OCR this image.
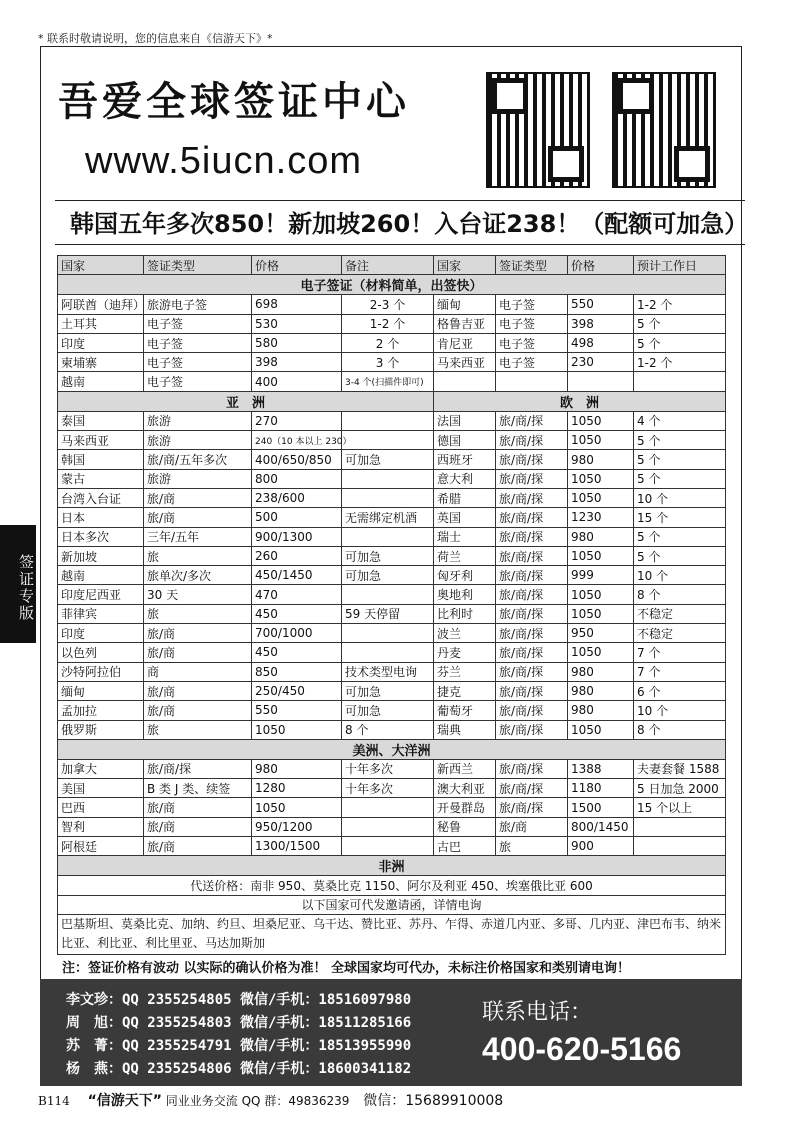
* 联系时敬请说明，您的信息来自《信游天下》*
吾爱全球签证中心
www.5iucn.com
韩国五年多次850！新加坡260！入台证238！（配额可加急）
签证专版
国家	签证类型	价格	备注	国家	签证类型	价格	预计工作日
电子签证（材料简单，出签快）							
阿联酋（迪拜）	旅游电子签	698	2-3 个	缅甸	电子签	550	1-2 个
土耳其	电子签	530	1-2 个	格鲁吉亚	电子签	398	5 个
印度	电子签	580	2 个	肯尼亚	电子签	498	5 个
柬埔寨	电子签	398	3 个	马来西亚	电子签	230	1-2 个
越南	电子签	400	3-4 个(扫描件即可)				
亚　洲				欧　洲			
泰国	旅游	270		法国	旅/商/探	1050	4 个
马来西亚	旅游	240（10 本以上 230）		德国	旅/商/探	1050	5 个
韩国	旅/商/五年多次	400/650/850	可加急	西班牙	旅/商/探	980	5 个
蒙古	旅游	800		意大利	旅/商/探	1050	5 个
台湾入台证	旅/商	238/600		希腊	旅/商/探	1050	10 个
日本	旅/商	500	无需绑定机酒	英国	旅/商/探	1230	15 个
日本多次	三年/五年	900/1300		瑞士	旅/商/探	980	5 个
新加坡	旅	260	可加急	荷兰	旅/商/探	1050	5 个
越南	旅单次/多次	450/1450	可加急	匈牙利	旅/商/探	999	10 个
印度尼西亚	30 天	470		奥地利	旅/商/探	1050	8 个
菲律宾	旅	450	59 天停留	比利时	旅/商/探	1050	不稳定
印度	旅/商	700/1000		波兰	旅/商/探	950	不稳定
以色列	旅/商	450		丹麦	旅/商/探	1050	7 个
沙特阿拉伯	商	850	技术类型电询	芬兰	旅/商/探	980	7 个
缅甸	旅/商	250/450	可加急	捷克	旅/商/探	980	6 个
孟加拉	旅/商	550	可加急	葡萄牙	旅/商/探	980	10 个
俄罗斯	旅	1050	8 个	瑞典	旅/商/探	1050	8 个
美洲、大洋洲							
加拿大	旅/商/探	980	十年多次	新西兰	旅/商/探	1388	夫妻套餐 1588
美国	B 类 J 类、续签	1280	十年多次	澳大利亚	旅/商/探	1180	5 日加急 2000
巴西	旅/商	1050		开曼群岛	旅/商/探	1500	15 个以上
智利	旅/商	950/1200		秘鲁	旅/商	800/1450	
阿根廷	旅/商	1300/1500		古巴	旅	900	
非洲							
代送价格：南非 950、莫桑比克 1150、阿尔及利亚 450、埃塞俄比亚 600							
以下国家可代发邀请函，详情电询							
巴基斯坦、莫桑比克、加纳、约旦、坦桑尼亚、乌干达、赞比亚、苏丹、乍得、赤道几内亚、多哥、几内亚、津巴布韦、纳米比亚、利比亚、利比里亚、马达加斯加							
注：签证价格有波动 以实际的确认价格为准！ 全球国家均可代办，未标注价格国家和类别请电询！
李文珍：QQ 2355254805 微信/手机：18516097980
周　旭：QQ 2355254803 微信/手机：18511285166
苏　菁：QQ 2355254791 微信/手机：18513955990
杨　燕：QQ 2355254806 微信/手机：18600341182
联系电话：
400-620-5166
B114 “信游天下” 同业业务交流 QQ 群：49836239 微信：15689910008
